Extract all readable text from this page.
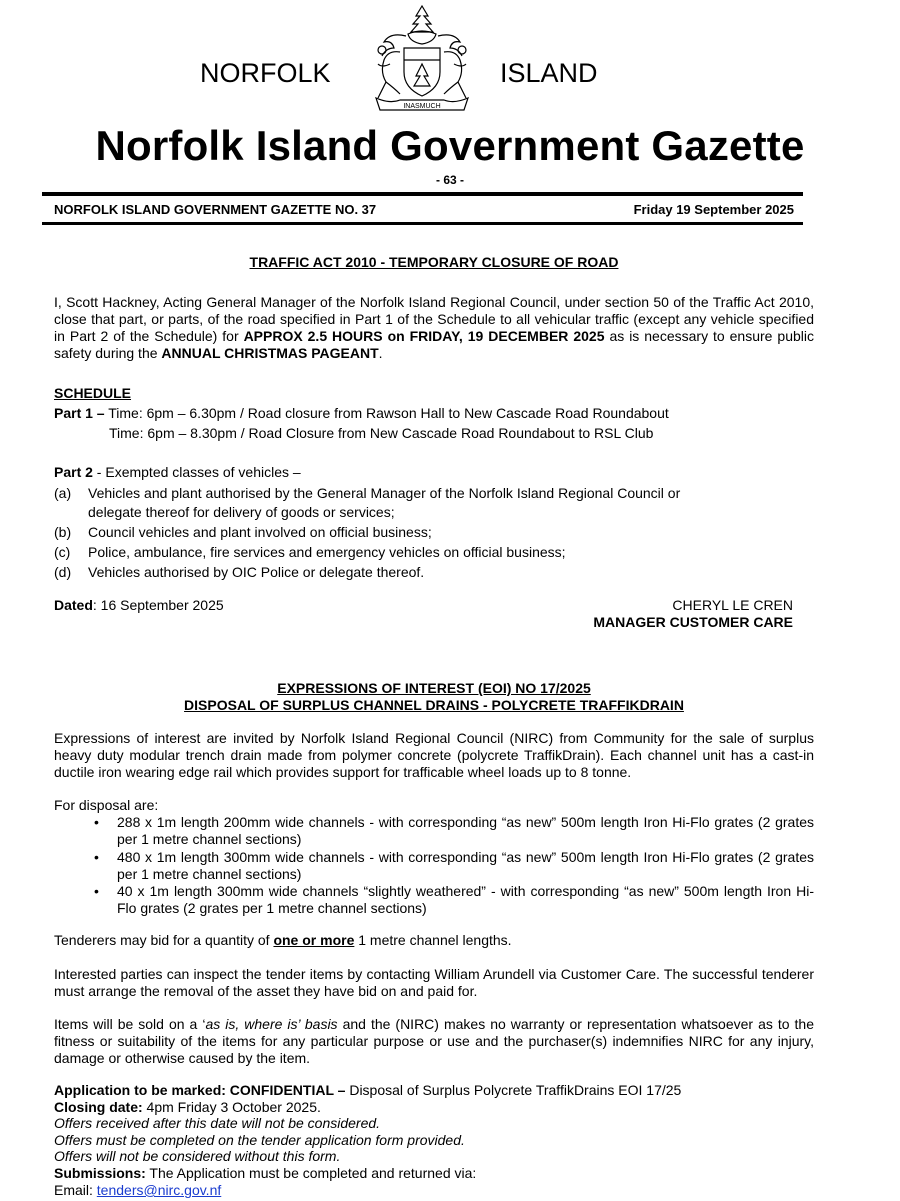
NORFOLK	ISLAND
INASMUCH
Norfolk Island Government Gazette
- 63 -
NORFOLK ISLAND GOVERNMENT GAZETTE NO. 37	Friday 19 September 2025
TRAFFIC ACT 2010 - TEMPORARY CLOSURE OF ROAD
I, Scott Hackney, Acting General Manager of the Norfolk Island Regional Council, under section 50 of the Traffic Act 2010, close that part, or parts, of the road specified in Part 1 of the Schedule to all vehicular traffic (except any vehicle specified in Part 2 of the Schedule) for APPROX 2.5 HOURS on FRIDAY, 19 DECEMBER 2025 as is necessary to ensure public safety during the ANNUAL CHRISTMAS PAGEANT.
SCHEDULE
Part 1 – Time: 6pm – 6.30pm / Road closure from Rawson Hall to New Cascade Road Roundabout
Time: 6pm – 8.30pm / Road Closure from New Cascade Road Roundabout to RSL Club
Part 2 - Exempted classes of vehicles –
(a) Vehicles and plant authorised by the General Manager of the Norfolk Island Regional Council or
delegate thereof for delivery of goods or services;
(b) Council vehicles and plant involved on official business;
(c) Police, ambulance, fire services and emergency vehicles on official business;
(d) Vehicles authorised by OIC Police or delegate thereof.
Dated: 16 September 2025	CHERYL LE CREN
MANAGER CUSTOMER CARE
EXPRESSIONS OF INTEREST (EOI) NO 17/2025
DISPOSAL OF SURPLUS CHANNEL DRAINS - POLYCRETE TRAFFIKDRAIN
Expressions of interest are invited by Norfolk Island Regional Council (NIRC) from Community for the sale of surplus heavy duty modular trench drain made from polymer concrete (polycrete TraffikDrain). Each channel unit has a cast-in ductile iron wearing edge rail which provides support for trafficable wheel loads up to 8 tonne.
For disposal are:
• 288 x 1m length 200mm wide channels - with corresponding “as new” 500m length Iron Hi-Flo grates (2 grates per 1 metre channel sections)
• 480 x 1m length 300mm wide channels - with corresponding “as new” 500m length Iron Hi-Flo grates (2 grates per 1 metre channel sections)
• 40 x 1m length 300mm wide channels “slightly weathered” - with corresponding “as new” 500m length Iron Hi-Flo grates (2 grates per 1 metre channel sections)
Tenderers may bid for a quantity of one or more 1 metre channel lengths.
Interested parties can inspect the tender items by contacting William Arundell via Customer Care. The successful tenderer must arrange the removal of the asset they have bid on and paid for.
Items will be sold on a ‘as is, where is’ basis and the (NIRC) makes no warranty or representation whatsoever as to the fitness or suitability of the items for any particular purpose or use and the purchaser(s) indemnifies NIRC for any injury, damage or otherwise caused by the item.
Application to be marked: CONFIDENTIAL – Disposal of Surplus Polycrete TraffikDrains EOI 17/25
Closing date: 4pm Friday 3 October 2025.
Offers received after this date will not be considered.
Offers must be completed on the tender application form provided.
Offers will not be considered without this form.
Submissions: The Application must be completed and returned via:
Email: tenders@nirc.gov.nf
